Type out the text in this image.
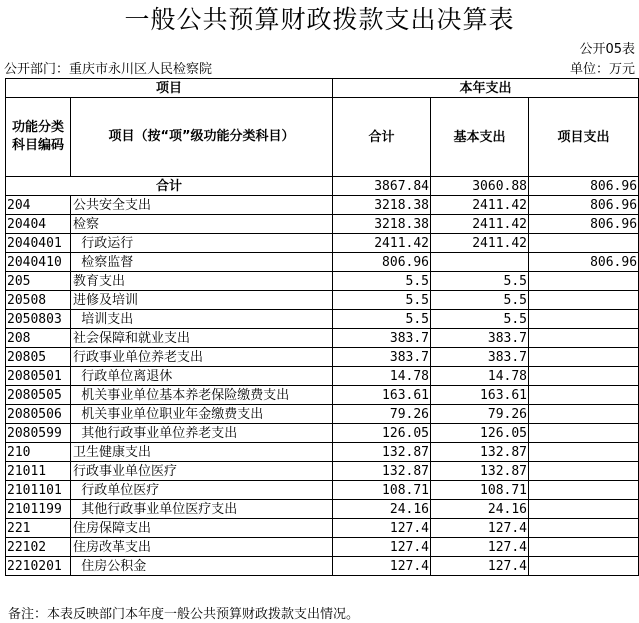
一般公共预算财政拨款支出决算表
公开05表
公开部门：重庆市永川区人民检察院	单位：万元
项目		本年支出		
功能分类科目编码	项目（按“项”级功能分类科目）	合计	基本支出	项目支出
合计		3867.84	3060.88	806.96
204	公共安全支出	3218.38	2411.42	806.96
20404	检察	3218.38	2411.42	806.96
2040401	行政运行	2411.42	2411.42	
2040410	检察监督	806.96		806.96
205	教育支出	5.5	5.5	
20508	进修及培训	5.5	5.5	
2050803	培训支出	5.5	5.5	
208	社会保障和就业支出	383.7	383.7	
20805	行政事业单位养老支出	383.7	383.7	
2080501	行政单位离退休	14.78	14.78	
2080505	机关事业单位基本养老保险缴费支出	163.61	163.61	
2080506	机关事业单位职业年金缴费支出	79.26	79.26	
2080599	其他行政事业单位养老支出	126.05	126.05	
210	卫生健康支出	132.87	132.87	
21011	行政事业单位医疗	132.87	132.87	
2101101	行政单位医疗	108.71	108.71	
2101199	其他行政事业单位医疗支出	24.16	24.16	
221	住房保障支出	127.4	127.4	
22102	住房改革支出	127.4	127.4	
2210201	住房公积金	127.4	127.4	
备注：本表反映部门本年度一般公共预算财政拨款支出情况。
